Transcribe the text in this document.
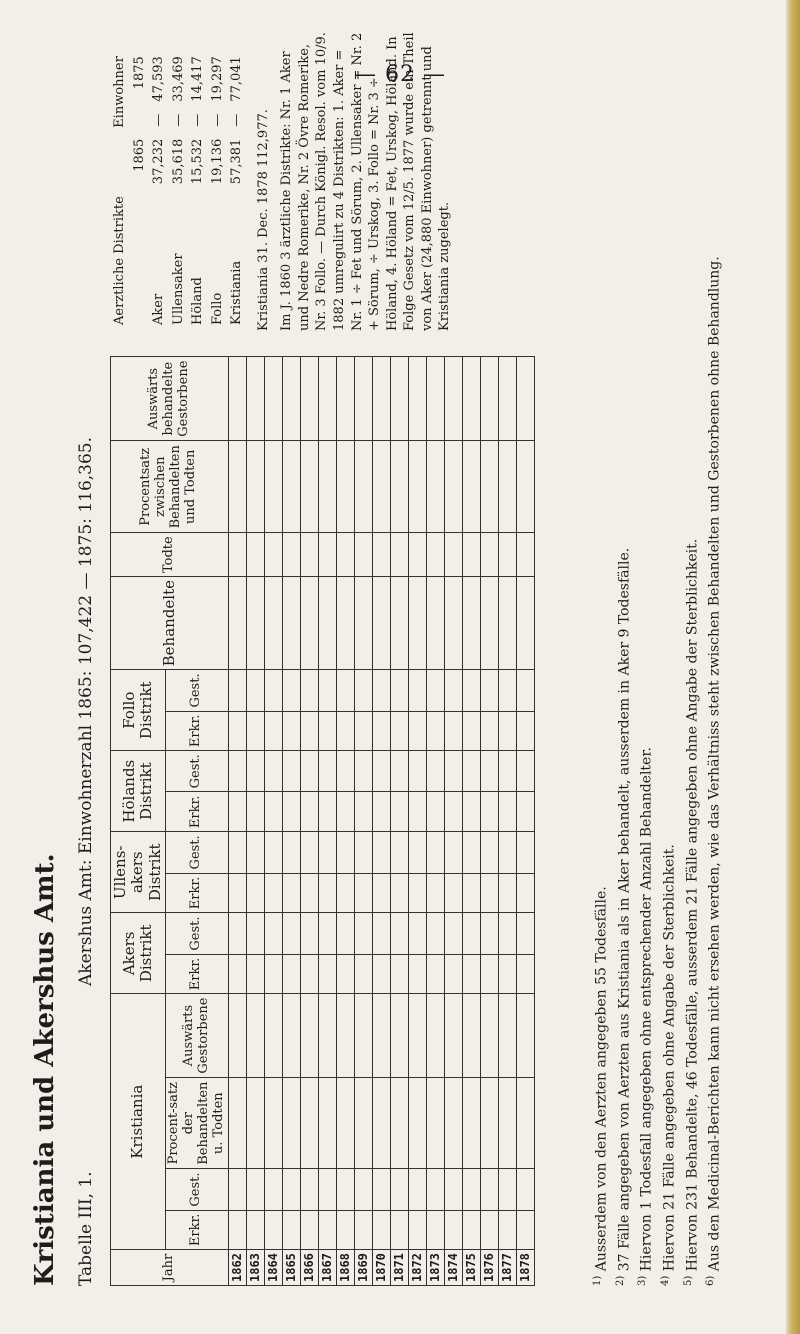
— 62 —
Tabelle III, 1.
Kristiania und Akershus Amt.
Akershus Amt: Einwohnerzahl 1865: 107,422 — 1875: 116,365.
Jahr	Kristiania				Akers Distrikt		Ullens-akers Distrikt		Hölands Distrikt		Follo Distrikt		Behandelte	Todte	Procentsatz zwischen Behandelten und Todten	Auswärts behandelte Gestorbene
	Erkr.	Gest.	Procent-satz der Behandelten u. Todten	Auswärts Gestorbene	Erkr.	Gest.	Erkr.	Gest.	Erkr.	Gest.	Erkr.	Gest.				
1862																
1863																
1864																
1865																
1866																
1867																
1868																
1869																
1870																
1871																
1872																
1873																
1874																
1875																
1876																
1877																
1878																
Aerztliche Distrikte	Einwohner		
	1865		1875
Aker	37,232	—	47,593
Ullensaker	35,618	—	33,469
Höland	15,532	—	14,417
Follo	19,136	—	19,297
Kristiania	57,381	—	77,041
Kristiania 31. Dec. 1878 112,977. Im J. 1860 3 ärztliche Distrikte: Nr. 1 Aker und Nedre Romerike, Nr. 2 Övre Romerike, Nr. 3 Follo. — Durch Königl. Resol. vom 10/9. 1882 umregulirt zu 4 Distrikten: 1. Aker = Nr. 1 ÷ Fet und Sörum, 2. Ullensaker = Nr. 2 + Sörum, ÷ Urskog, 3. Follo = Nr. 3 ÷ Höland, 4. Höland = Fet, Urskog, Höland. In Folge Gesetz vom 12/5. 1877 wurde ein Theil von Aker (24,880 Einwohner) getrennt und Kristiania zugelegt.

$^{1)}$ Ausserdem von den Aerzten angegeben 55 Todesfälle.

$^{2)}$ 37 Fälle angegeben von Aerzten aus Kristiania als in Aker behandelt, ausserdem in Aker 9 Todesfälle.

$^{3)}$ Hiervon 1 Todesfall angegeben ohne entsprechender Anzahl Behandelter.

$^{4)}$ Hiervon 21 Fälle angegeben ohne Angabe der Sterblichkeit.

$^{5)}$ Hiervon 231 Behandelte, 46 Todesfälle, ausserdem 21 Fälle angegeben ohne Angabe der Sterblichkeit.

$^{6)}$ Aus den Medicinal-Berichten kann nicht ersehen werden, wie das Verhältniss steht zwischen Behandelten und Gestorbenen ohne Behandlung.
